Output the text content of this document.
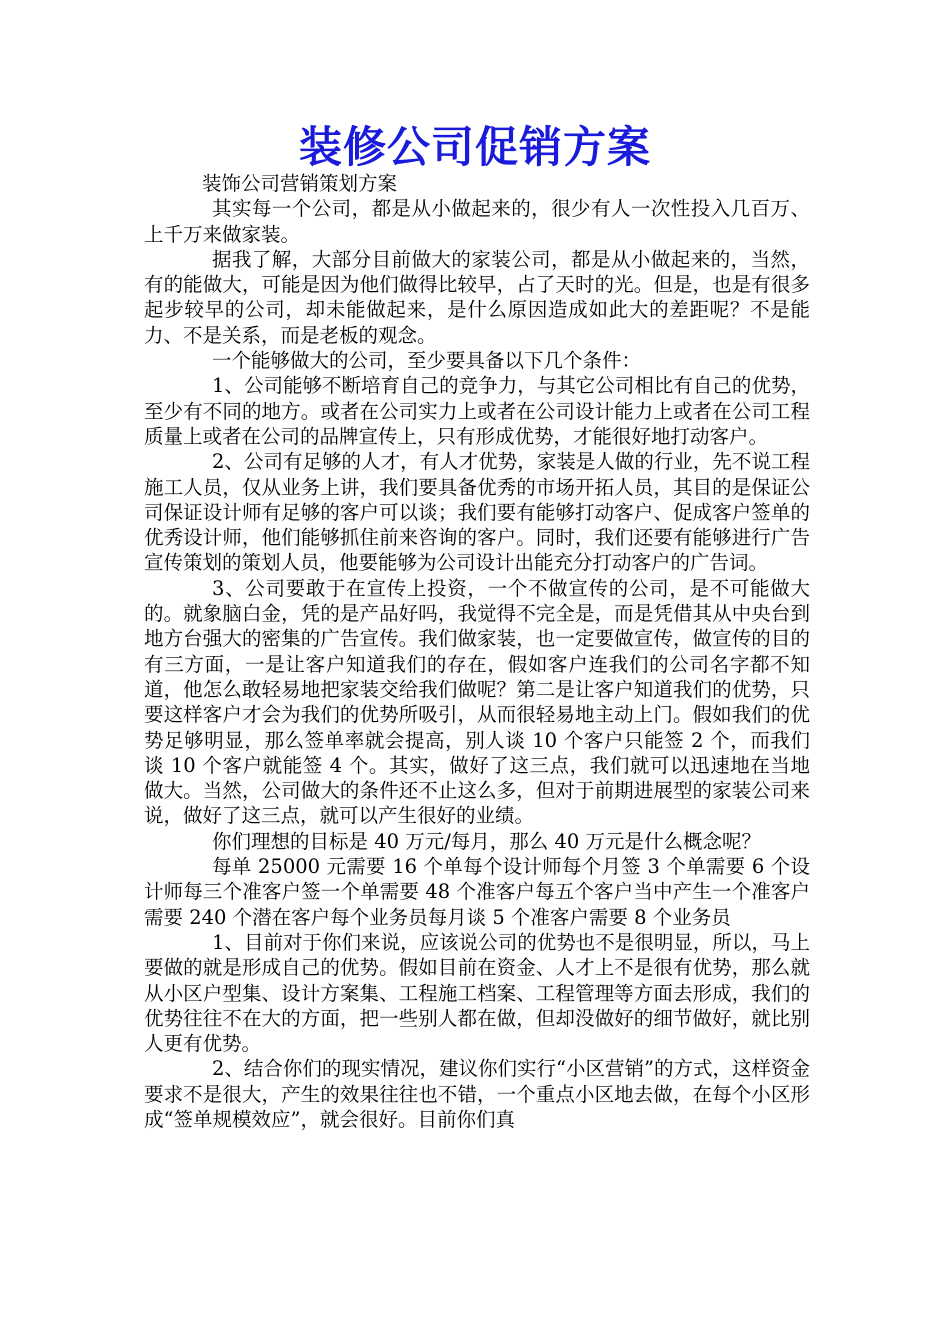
装修公司促销方案

装饰公司营销策划方案

其实每一个公司，都是从小做起来的，很少有人一次性投入几百万、上千万来做家装。

据我了解，大部分目前做大的家装公司，都是从小做起来的，当然，有的能做大，可能是因为他们做得比较早，占了天时的光。但是，也是有很多起步较早的公司，却未能做起来，是什么原因造成如此大的差距呢？不是能力、不是关系，而是老板的观念。

一个能够做大的公司，至少要具备以下几个条件：

1、公司能够不断培育自己的竞争力，与其它公司相比有自己的优势，至少有不同的地方。或者在公司实力上或者在公司设计能力上或者在公司工程质量上或者在公司的品牌宣传上，只有形成优势，才能很好地打动客户。

2、公司有足够的人才，有人才优势，家装是人做的行业，先不说工程施工人员，仅从业务上讲，我们要具备优秀的市场开拓人员，其目的是保证公司保证设计师有足够的客户可以谈；我们要有能够打动客户、促成客户签单的优秀设计师，他们能够抓住前来咨询的客户。同时，我们还要有能够进行广告宣传策划的策划人员，他要能够为公司设计出能充分打动客户的广告词。

3、公司要敢于在宣传上投资，一个不做宣传的公司，是不可能做大的。就象脑白金，凭的是产品好吗，我觉得不完全是，而是凭借其从中央台到地方台强大的密集的广告宣传。我们做家装，也一定要做宣传，做宣传的目的有三方面，一是让客户知道我们的存在，假如客户连我们的公司名字都不知道，他怎么敢轻易地把家装交给我们做呢？第二是让客户知道我们的优势，只要这样客户才会为我们的优势所吸引，从而很轻易地主动上门。假如我们的优势足够明显，那么签单率就会提高，别人谈 10 个客户只能签 2 个，而我们谈 10 个客户就能签 4 个。其实，做好了这三点，我们就可以迅速地在当地做大。当然，公司做大的条件还不止这么多，但对于前期进展型的家装公司来说，做好了这三点，就可以产生很好的业绩。

你们理想的目标是 40 万元/每月，那么 40 万元是什么概念呢？

每单 25000 元需要 16 个单每个设计师每个月签 3 个单需要 6 个设计师每三个准客户签一个单需要 48 个准客户每五个客户当中产生一个准客户需要 240 个潜在客户每个业务员每月谈 5 个准客户需要 8 个业务员

1、目前对于你们来说，应该说公司的优势也不是很明显，所以，马上要做的就是形成自己的优势。假如目前在资金、人才上不是很有优势，那么就从小区户型集、设计方案集、工程施工档案、工程管理等方面去形成，我们的优势往往不在大的方面，把一些别人都在做，但却没做好的细节做好，就比别人更有优势。

2、结合你们的现实情况，建议你们实行“小区营销”的方式，这样资金要求不是很大，产生的效果往往也不错，一个重点小区地去做，在每个小区形成“签单规模效应”，就会很好。目前你们真
